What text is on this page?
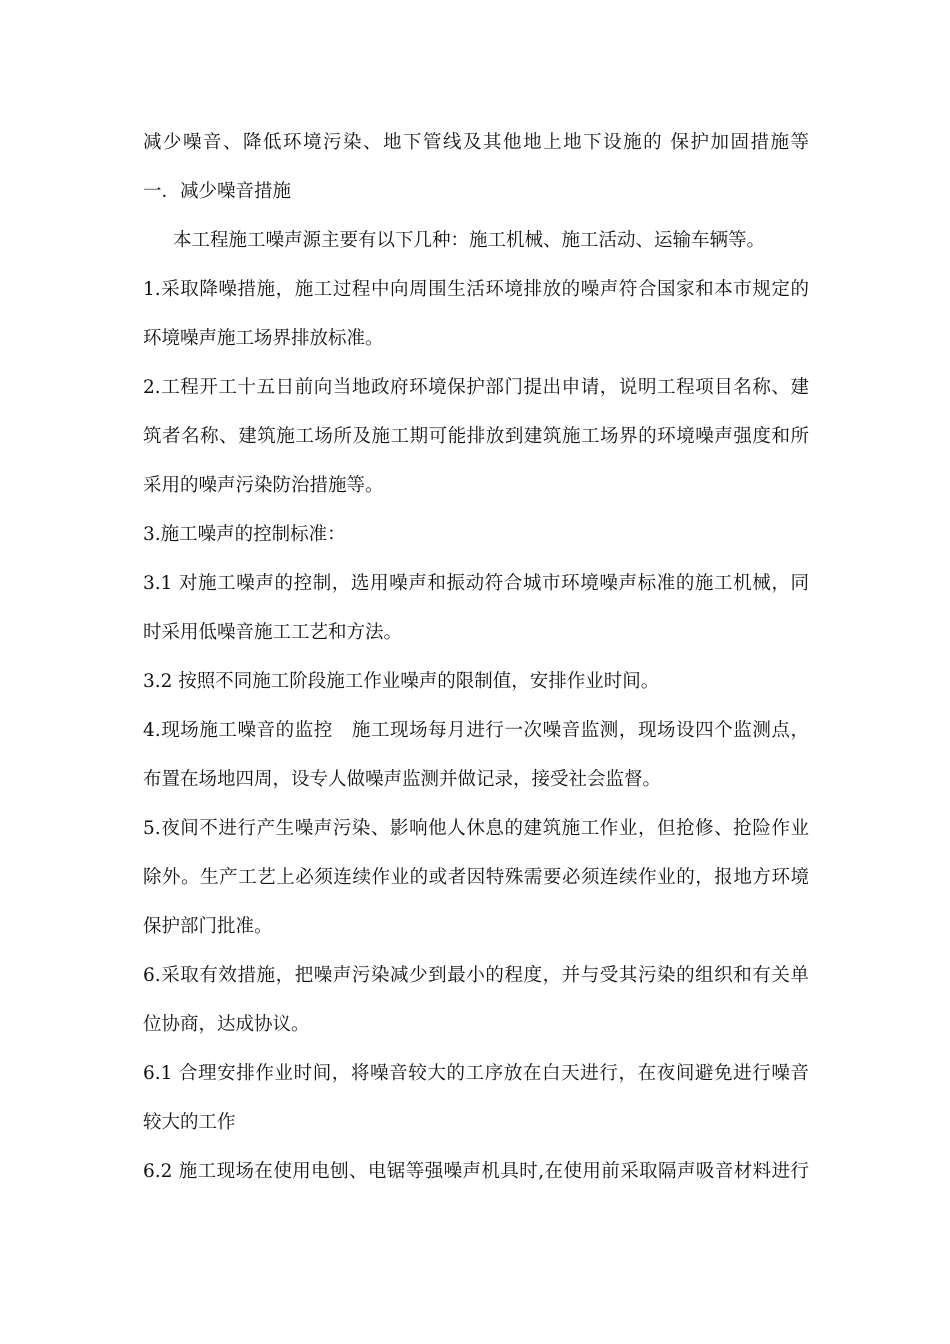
减少噪音、降低环境污染、地下管线及其他地上地下设施的 保护加固措施等
一．减少噪音措施
本工程施工噪声源主要有以下几种：施工机械、施工活动、运输车辆等。
1.采取降噪措施，施工过程中向周围生活环境排放的噪声符合国家和本市规定的
环境噪声施工场界排放标准。
2.工程开工十五日前向当地政府环境保护部门提出申请，说明工程项目名称、建
筑者名称、建筑施工场所及施工期可能排放到建筑施工场界的环境噪声强度和所
采用的噪声污染防治措施等。
3.施工噪声的控制标准：
3.1 对施工噪声的控制，选用噪声和振动符合城市环境噪声标准的施工机械，同
时采用低噪音施工工艺和方法。
3.2 按照不同施工阶段施工作业噪声的限制值，安排作业时间。
4.现场施工噪音的监控　施工现场每月进行一次噪音监测，现场设四个监测点，
布置在场地四周，设专人做噪声监测并做记录，接受社会监督。
5.夜间不进行产生噪声污染、影响他人休息的建筑施工作业，但抢修、抢险作业
除外。生产工艺上必须连续作业的或者因特殊需要必须连续作业的，报地方环境
保护部门批准。
6.采取有效措施，把噪声污染减少到最小的程度，并与受其污染的组织和有关单
位协商，达成协议。
6.1 合理安排作业时间，将噪音较大的工序放在白天进行，在夜间避免进行噪音
较大的工作
6.2 施工现场在使用电刨、电锯等强噪声机具时,在使用前采取隔声吸音材料进行
